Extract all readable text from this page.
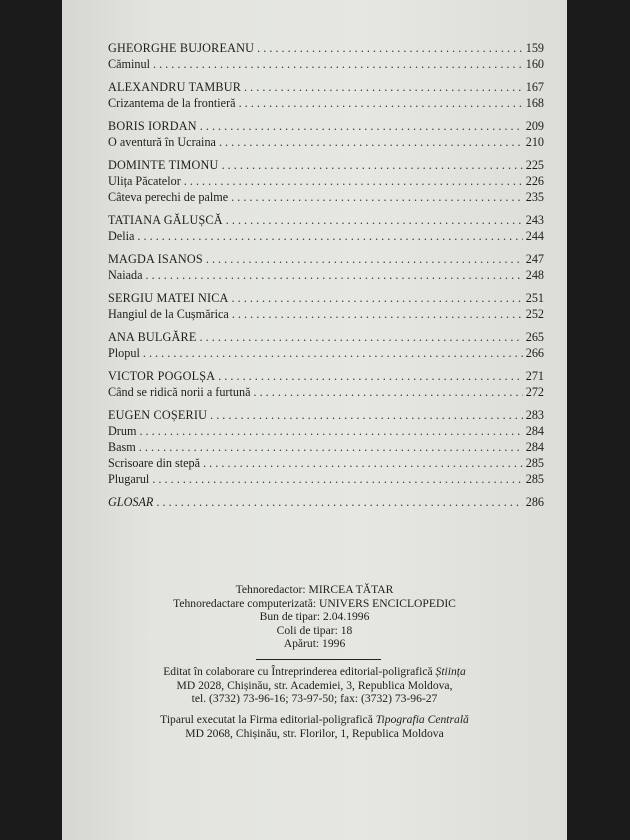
GHEORGHE BUJOREANU . . .	159
Căminul . . .	160
ALEXANDRU TAMBUR . . .	167
Crizantema de la frontieră . . .	168
BORIS IORDAN . . .	209
O aventură în Ucraina . . .	210
DOMINTE TIMONU . . .	225
Ulița Păcatelor . . .	226
Câteva perechi de palme . . .	235
TATIANA GĂLUȘCĂ . . .	243
Delia . . .	244
MAGDA ISANOS . . .	247
Naiada . . .	248
SERGIU MATEI NICA . . .	251
Hangiul de la Cușmărica . . .	252
ANA BULGĂRE . . .	265
Plopul . . .	266
VICTOR POGOLȘA . . .	271
Când se ridică norii a furtună . . .	272
EUGEN COȘERIU . . .	283
Drum . . .	284
Basm . . .	284
Scrisoare din stepă . . .	285
Plugarul . . .	285
GLOSAR . . .	286
Tehnoredactor: MIRCEA TĂTAR
Tehnoredactare computerizată: UNIVERS ENCICLOPEDIC
Bun de tipar: 2.04.1996
Coli de tipar: 18
Apărut: 1996
Editat în colaborare cu Întreprinderea editorial-poligrafică Știința
MD 2028, Chișinău, str. Academiei, 3, Republica Moldova,
tel. (3732) 73-96-16; 73-97-50; fax: (3732) 73-96-27
Tiparul executat la Firma editorial-poligrafică Tipografia Centrală
MD 2068, Chișinău, str. Florilor, 1, Republica Moldova
